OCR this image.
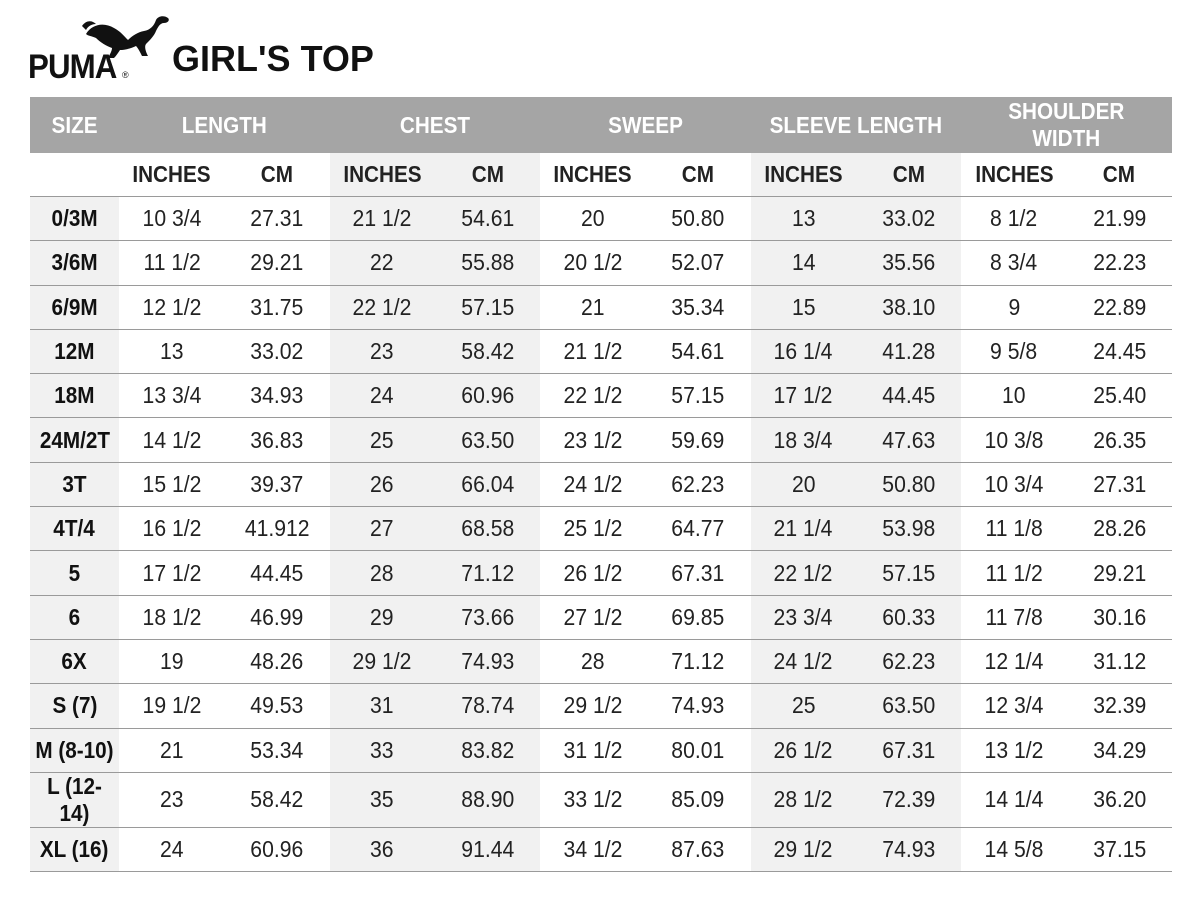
PUMA ® GIRL'S TOP
SIZE	LENGTH		CHEST		SWEEP		SLEEVE LENGTH		SHOULDER WIDTH	
	INCHES	CM	INCHES	CM	INCHES	CM	INCHES	CM	INCHES	CM
0/3M	10 3/4	27.31	21 1/2	54.61	20	50.80	13	33.02	8 1/2	21.99
3/6M	11 1/2	29.21	22	55.88	20 1/2	52.07	14	35.56	8 3/4	22.23
6/9M	12 1/2	31.75	22 1/2	57.15	21	35.34	15	38.10	9	22.89
12M	13	33.02	23	58.42	21 1/2	54.61	16 1/4	41.28	9 5/8	24.45
18M	13 3/4	34.93	24	60.96	22 1/2	57.15	17 1/2	44.45	10	25.40
24M/2T	14 1/2	36.83	25	63.50	23 1/2	59.69	18 3/4	47.63	10 3/8	26.35
3T	15 1/2	39.37	26	66.04	24 1/2	62.23	20	50.80	10 3/4	27.31
4T/4	16 1/2	41.912	27	68.58	25 1/2	64.77	21 1/4	53.98	11 1/8	28.26
5	17 1/2	44.45	28	71.12	26 1/2	67.31	22 1/2	57.15	11 1/2	29.21
6	18 1/2	46.99	29	73.66	27 1/2	69.85	23 3/4	60.33	11 7/8	30.16
6X	19	48.26	29 1/2	74.93	28	71.12	24 1/2	62.23	12 1/4	31.12
S (7)	19 1/2	49.53	31	78.74	29 1/2	74.93	25	63.50	12 3/4	32.39
M (8-10)	21	53.34	33	83.82	31 1/2	80.01	26 1/2	67.31	13 1/2	34.29
L (12-14)	23	58.42	35	88.90	33 1/2	85.09	28 1/2	72.39	14 1/4	36.20
XL (16)	24	60.96	36	91.44	34 1/2	87.63	29 1/2	74.93	14 5/8	37.15
